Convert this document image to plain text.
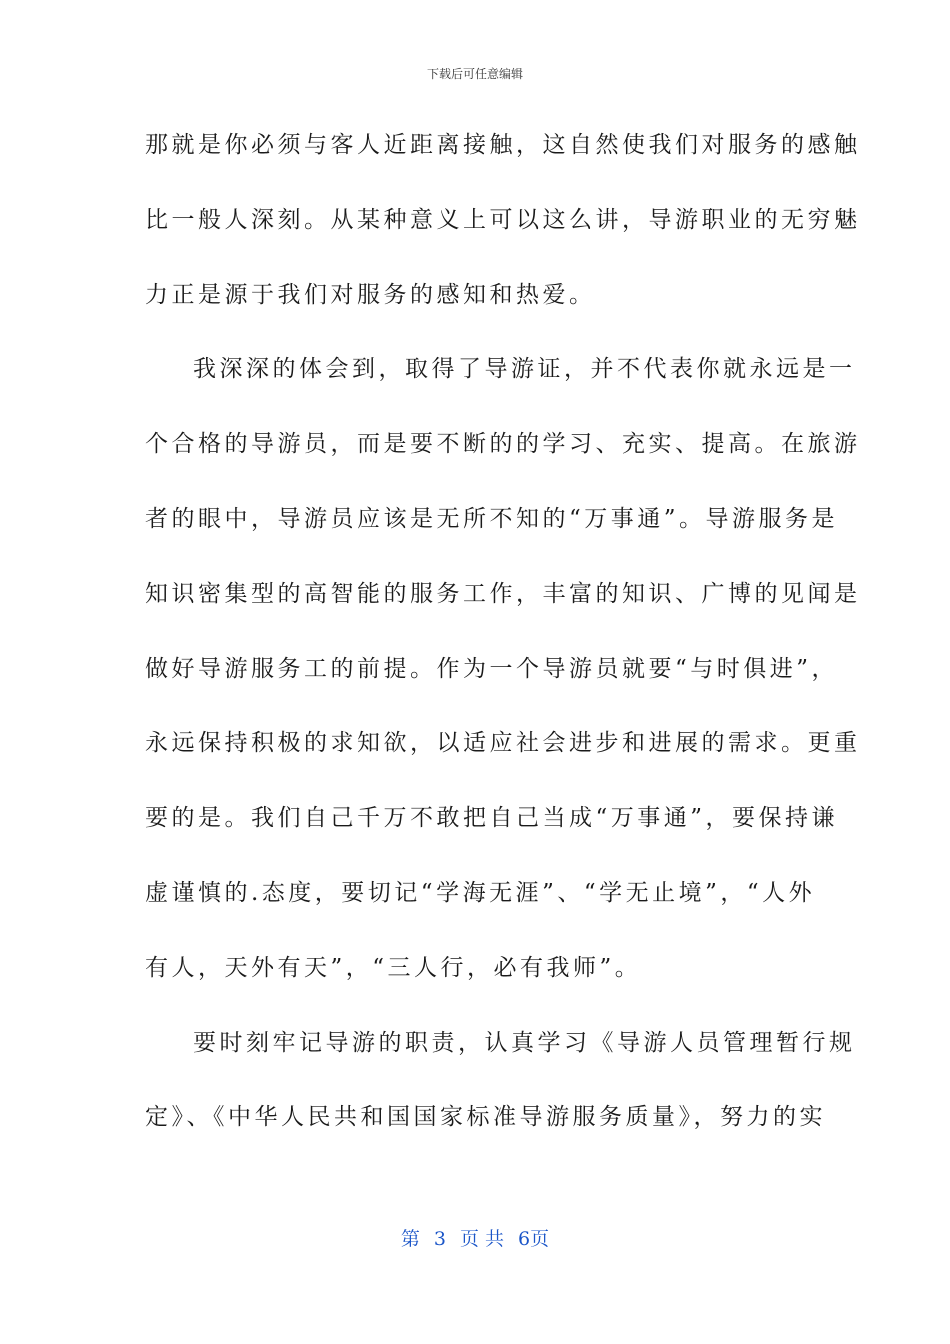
下载后可任意编辑
那就是你必须与客人近距离接触，这自然使我们对服务的感触
比一般人深刻。从某种意义上可以这么讲，导游职业的无穷魅
力正是源于我们对服务的感知和热爱。
我深深的体会到，取得了导游证，并不代表你就永远是一
个合格的导游员，而是要不断的的学习、充实、提高。在旅游
者的眼中，导游员应该是无所不知的“万事通”。导游服务是
知识密集型的高智能的服务工作，丰富的知识、广博的见闻是
做好导游服务工的前提。作为一个导游员就要“与时俱进”，
永远保持积极的求知欲，以适应社会进步和进展的需求。更重
要的是。我们自己千万不敢把自己当成“万事通”，要保持谦
虚谨慎的.态度，要切记“学海无涯”、“学无止境”，“人外
有人，天外有天”，“三人行，必有我师”。
要时刻牢记导游的职责，认真学习《导游人员管理暂行规
定》、《中华人民共和国国家标准导游服务质量》，努力的实
第 3 页 共 6页
